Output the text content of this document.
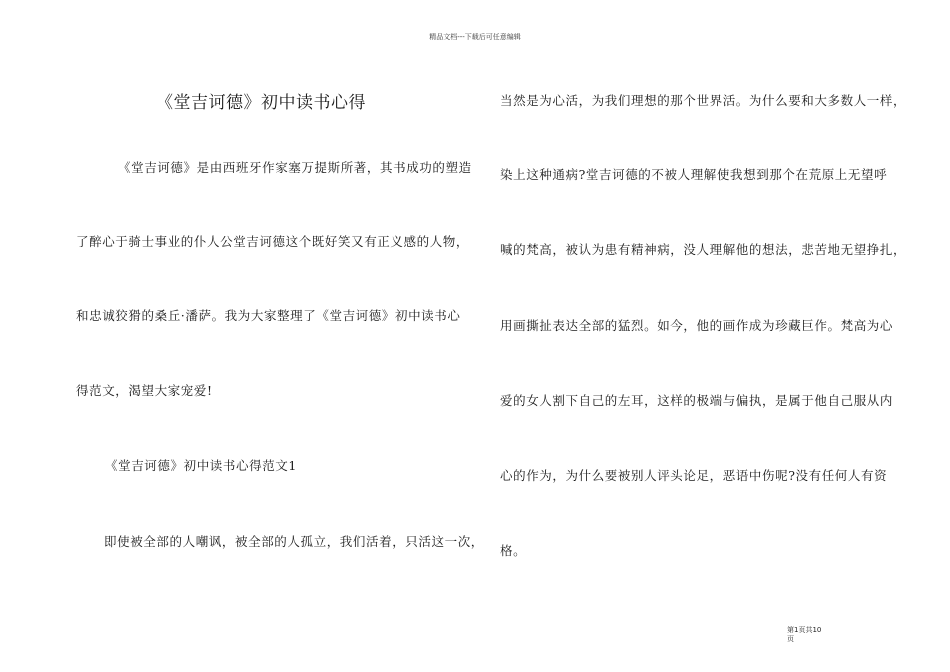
精品文档---下载后可任意编辑
《堂吉诃德》初中读书心得
《堂吉诃德》是由西班牙作家塞万提斯所著，其书成功的塑造
了醉心于骑士事业的仆人公堂吉诃德这个既好笑又有正义感的人物，
和忠诚狡猾的桑丘·潘萨。我为大家整理了《堂吉诃德》初中读书心
得范文，渴望大家宠爱!
《堂吉诃德》初中读书心得范文1
即使被全部的人嘲讽，被全部的人孤立，我们活着，只活这一次，
当然是为心活，为我们理想的那个世界活。为什么要和大多数人一样，
染上这种通病?堂吉诃德的不被人理解使我想到那个在荒原上无望呼
喊的梵高，被认为患有精神病，没人理解他的想法，悲苦地无望挣扎，
用画撕扯表达全部的猛烈。如今，他的画作成为珍藏巨作。梵高为心
爱的女人割下自己的左耳，这样的极端与偏执，是属于他自己服从内
心的作为，为什么要被别人评头论足，恶语中伤呢?没有任何人有资
格。
第1页共10
页
